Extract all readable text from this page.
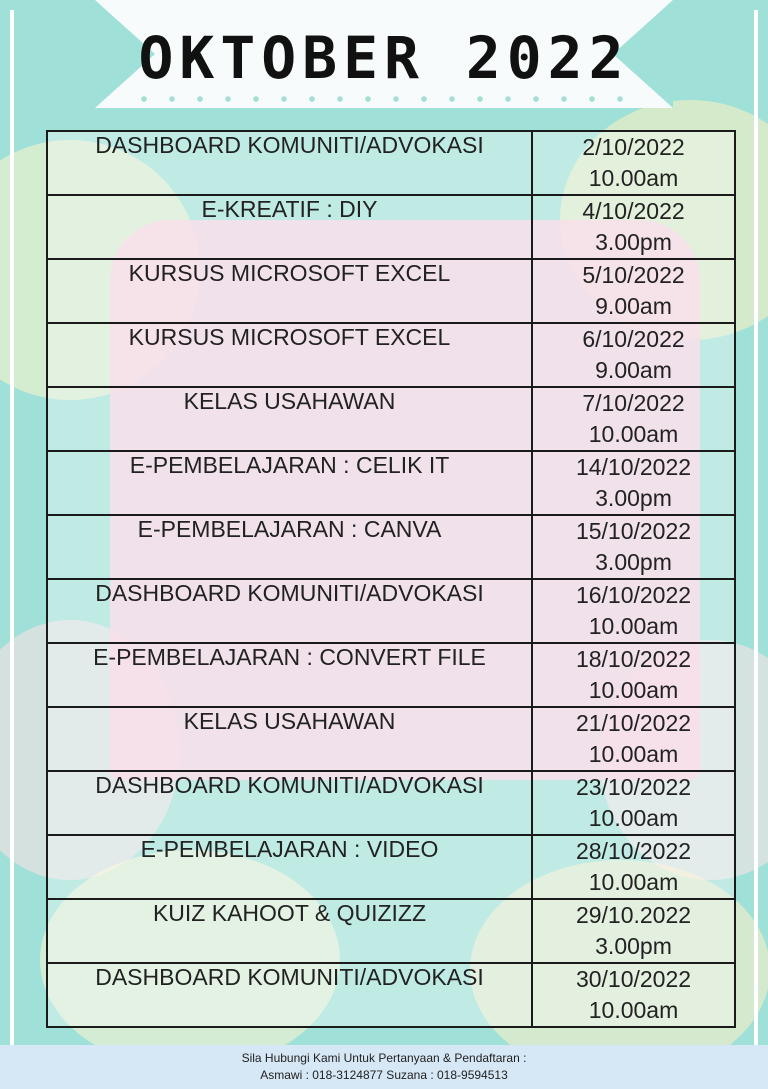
OKTOBER 2022
DASHBOARD KOMUNITI/ADVOKASI	2/10/2022
10.00am

E-KREATIF : DIY	4/10/2022
3.00pm

KURSUS MICROSOFT EXCEL	5/10/2022
9.00am

KURSUS MICROSOFT EXCEL	6/10/2022
9.00am

KELAS USAHAWAN	7/10/2022
10.00am

E-PEMBELAJARAN : CELIK IT	14/10/2022
3.00pm

E-PEMBELAJARAN : CANVA	15/10/2022
3.00pm

DASHBOARD KOMUNITI/ADVOKASI	16/10/2022
10.00am

E-PEMBELAJARAN : CONVERT FILE	18/10/2022
10.00am

KELAS USAHAWAN	21/10/2022
10.00am

DASHBOARD KOMUNITI/ADVOKASI	23/10/2022
10.00am

E-PEMBELAJARAN : VIDEO	28/10/2022
10.00am

KUIZ KAHOOT & QUIZIZZ	29/10.2022
3.00pm

DASHBOARD KOMUNITI/ADVOKASI	30/10/2022
10.00am
Sila Hubungi Kami Untuk Pertanyaan & Pendaftaran :
Asmawi : 018-3124877 Suzana : 018-9594513
